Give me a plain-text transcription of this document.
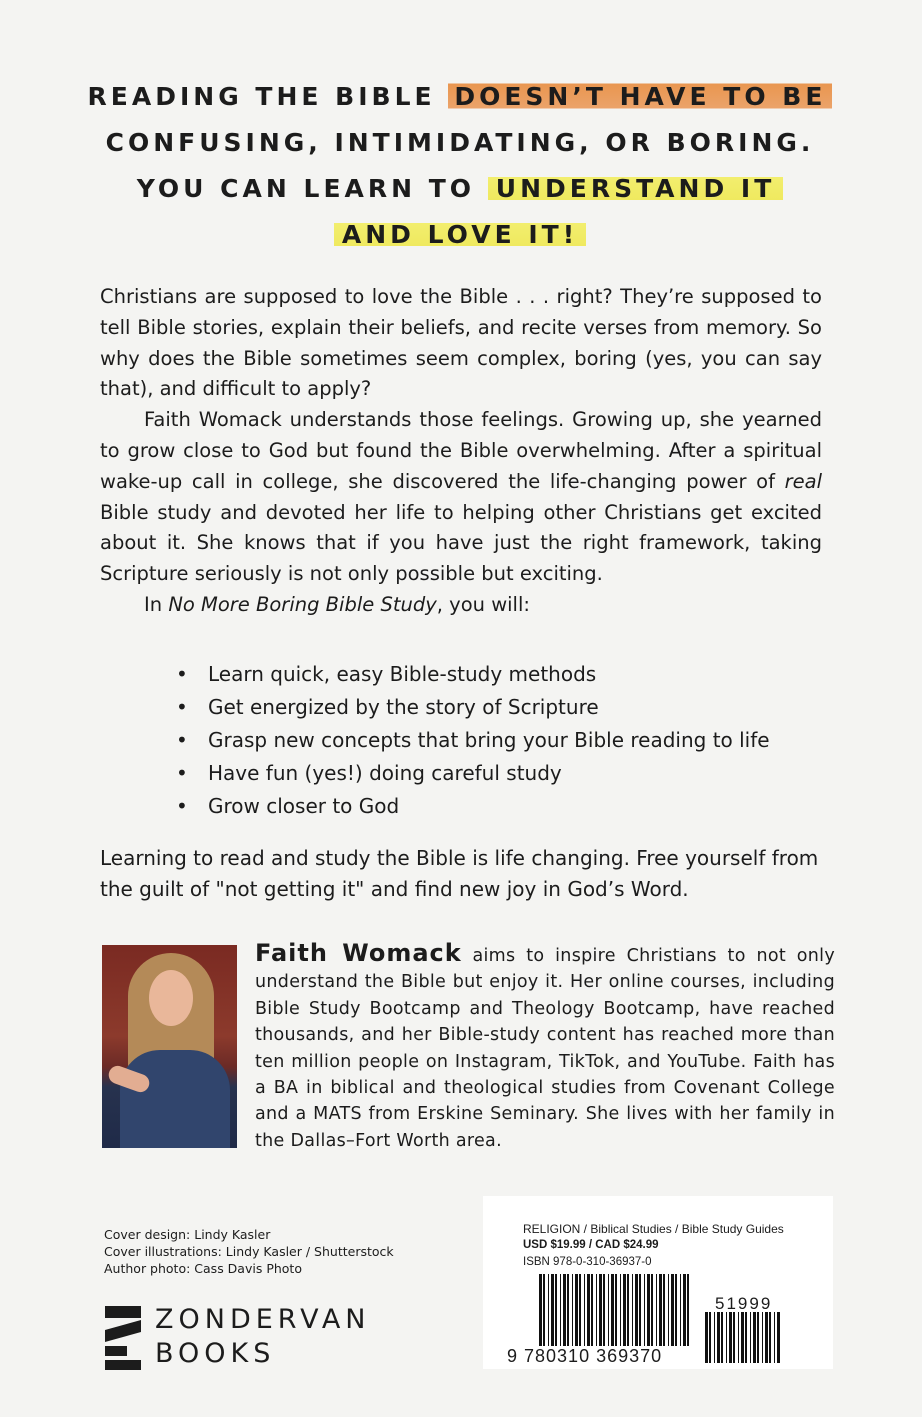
READING THE BIBLE DOESN’T HAVE TO BE
CONFUSING, INTIMIDATING, OR BORING.
YOU CAN LEARN TO UNDERSTAND IT
AND LOVE IT!

Christians are supposed to love the Bible . . . right? They’re supposed to tell Bible stories, explain their beliefs, and recite verses from memory. So why does the Bible sometimes seem complex, boring (yes, you can say that), and difficult to apply?

Faith Womack understands those feelings. Growing up, she yearned to grow close to God but found the Bible overwhelming. After a spiritual wake-up call in college, she discovered the life-changing power of real Bible study and devoted her life to helping other Christians get excited about it. She knows that if you have just the right framework, taking Scripture seriously is not only possible but exciting.

In No More Boring Bible Study, you will:

• Learn quick, easy Bible-study methods
• Get energized by the story of Scripture
• Grasp new concepts that bring your Bible reading to life
• Have fun (yes!) doing careful study
• Grow closer to God
Learning to read and study the Bible is life changing. Free yourself from the guilt of "not getting it" and find new joy in God’s Word.
Faith Womack aims to inspire Christians to not only understand the Bible but enjoy it. Her online courses, including Bible Study Bootcamp and Theology Bootcamp, have reached thousands, and her Bible-study content has reached more than ten million people on Instagram, TikTok, and YouTube. Faith has a BA in biblical and theological studies from Covenant College and a MATS from Erskine Seminary. She lives with her family in the Dallas–Fort Worth area.
Cover design: Lindy Kasler
Cover illustrations: Lindy Kasler / Shutterstock
Author photo: Cass Davis Photo
ZONDERVAN
BOOKS
RELIGION / Biblical Studies / Bible Study Guides
USD $19.99 / CAD $24.99
ISBN 978-0-310-36937-0
51999
9 780310 369370
